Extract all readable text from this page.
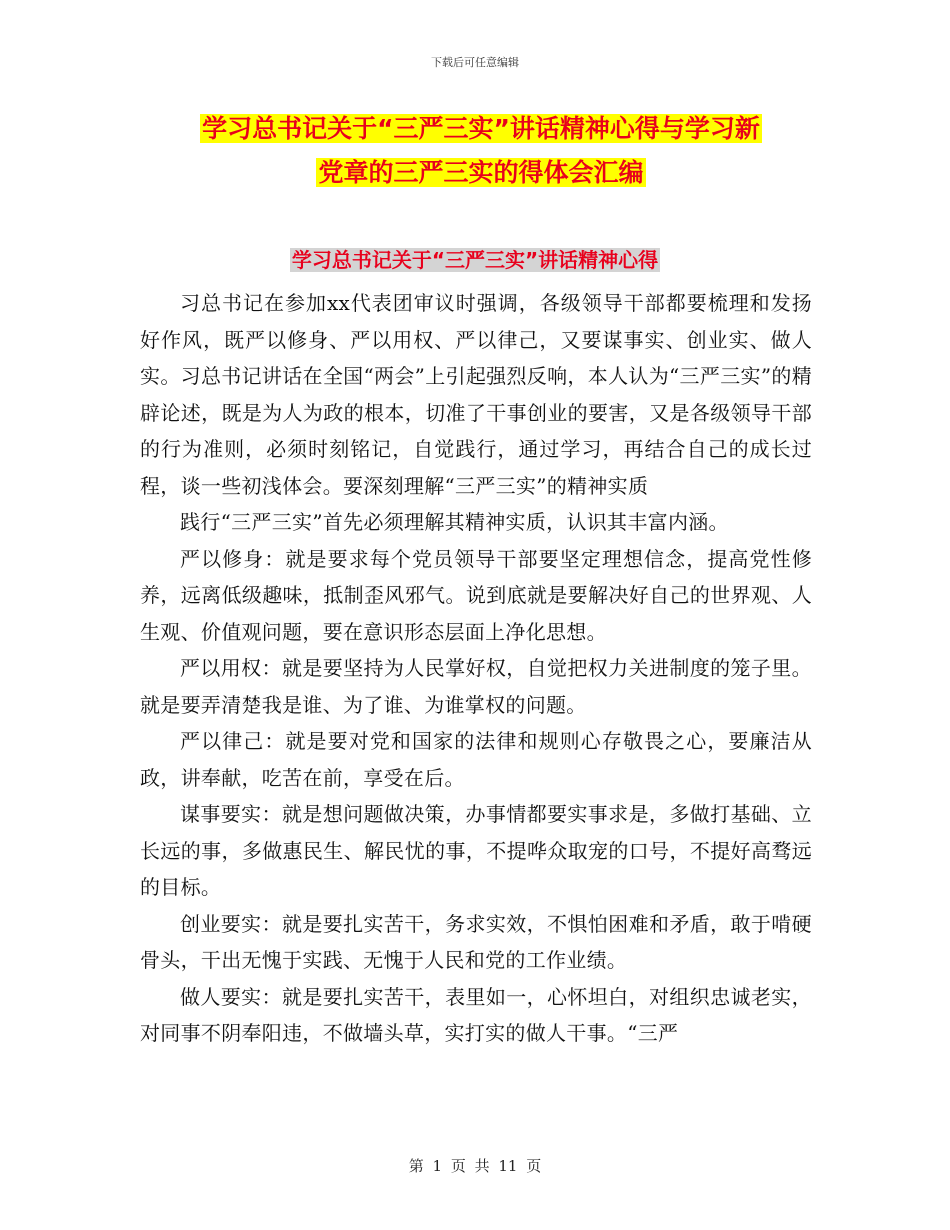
下载后可任意编辑
学习总书记关于“三严三实”讲话精神心得与学习新
党章的三严三实的得体会汇编
学习总书记关于“三严三实”讲话精神心得

习总书记在参加xx代表团审议时强调，各级领导干部都要梳理和发扬好作风，既严以修身、严以用权、严以律己，又要谋事实、创业实、做人实。习总书记讲话在全国“两会”上引起强烈反响，本人认为“三严三实”的精辟论述，既是为人为政的根本，切准了干事创业的要害，又是各级领导干部的行为准则，必须时刻铭记，自觉践行，通过学习，再结合自己的成长过程，谈一些初浅体会。要深刻理解“三严三实”的精神实质

践行“三严三实”首先必须理解其精神实质，认识其丰富内涵。

严以修身：就是要求每个党员领导干部要坚定理想信念，提高党性修养，远离低级趣味，抵制歪风邪气。说到底就是要解决好自己的世界观、人生观、价值观问题，要在意识形态层面上净化思想。

严以用权：就是要坚持为人民掌好权，自觉把权力关进制度的笼子里。就是要弄清楚我是谁、为了谁、为谁掌权的问题。

严以律己：就是要对党和国家的法律和规则心存敬畏之心，要廉洁从政，讲奉献，吃苦在前，享受在后。

谋事要实：就是想问题做决策，办事情都要实事求是，多做打基础、立长远的事，多做惠民生、解民忧的事，不提哗众取宠的口号，不提好高骛远的目标。

创业要实：就是要扎实苦干，务求实效，不惧怕困难和矛盾，敢于啃硬骨头，干出无愧于实践、无愧于人民和党的工作业绩。

做人要实：就是要扎实苦干，表里如一，心怀坦白，对组织忠诚老实，对同事不阴奉阳违，不做墙头草，实打实的做人干事。“三严

第 1 页 共 11 页
